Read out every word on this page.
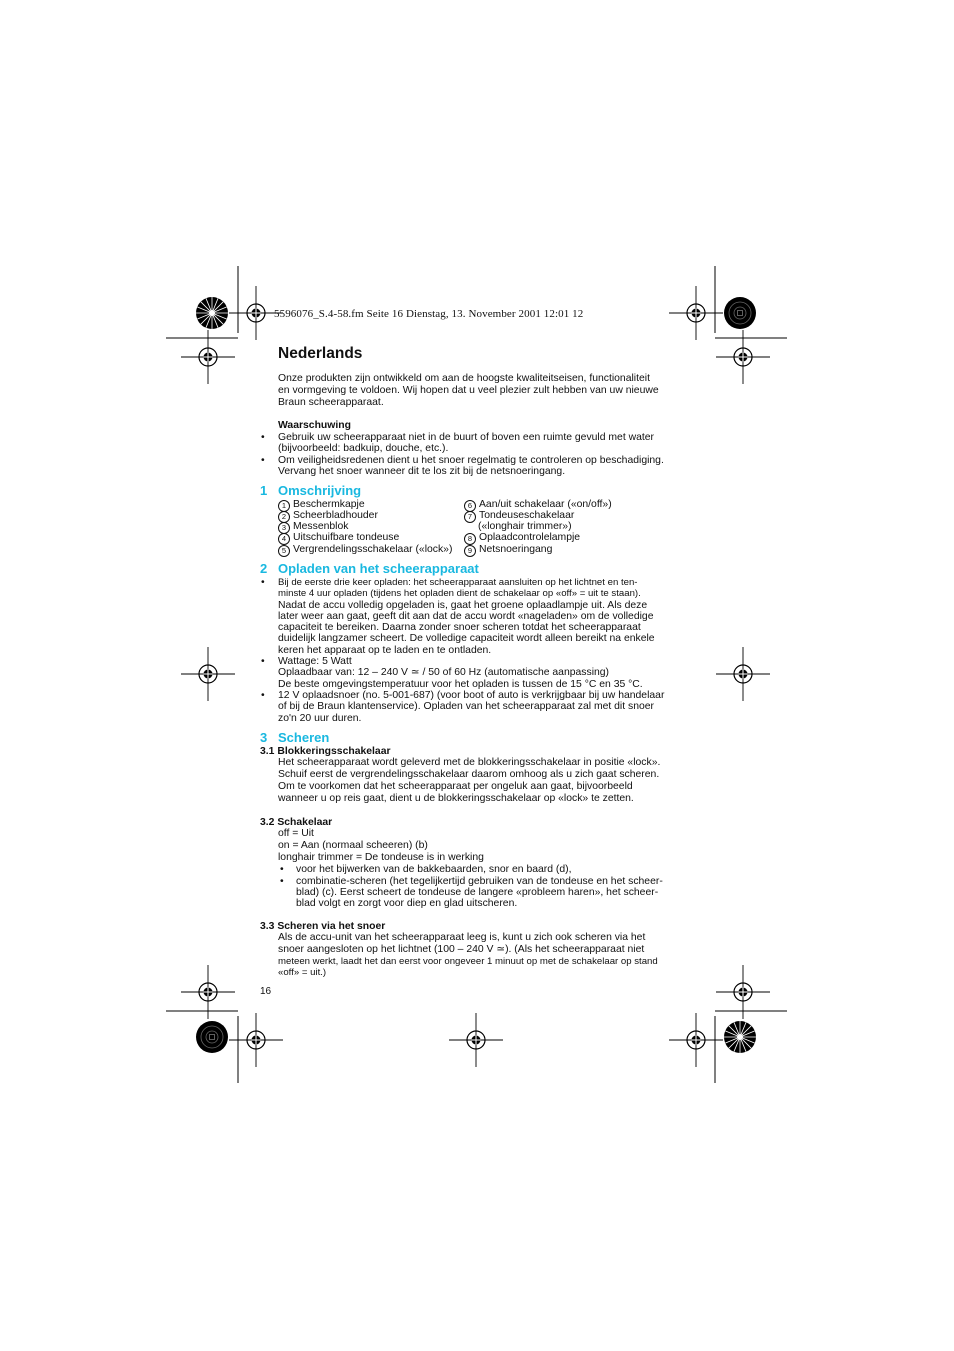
5596076_S.4-58.fm Seite 16 Dienstag, 13. November 2001 12:01 12
Nederlands
Onze produkten zijn ontwikkeld om aan de hoogste kwaliteitseisen, functionaliteit
en vormgeving te voldoen. Wij hopen dat u veel plezier zult hebben van uw nieuwe
Braun scheerapparaat.
Waarschuwing
• Gebruik uw scheerapparaat niet in de buurt of boven een ruimte gevuld met water
(bijvoorbeeld: badkuip, douche, etc.).
• Om veiligheidsredenen dient u het snoer regelmatig te controleren op beschadiging.
Vervang het snoer wanneer dit te los zit bij de netsnoeringang.
1 Omschrijving
1 Beschermkapje
2 Scheerbladhouder
3 Messenblok
4 Uitschuifbare tondeuse
5 Vergrendelingsschakelaar («lock»)
6 Aan/uit schakelaar («on/off»)
7 Tondeuseschakelaar
(«longhair trimmer»)
8 Oplaadcontrolelampje
9 Netsnoeringang
2 Opladen van het scheerapparaat
• Bij de eerste drie keer opladen: het scheerapparaat aansluiten op het lichtnet en ten-
minste 4 uur opladen (tijdens het opladen dient de schakelaar op «off» = uit te staan).
Nadat de accu volledig opgeladen is, gaat het groene oplaadlampje uit. Als deze
later weer aan gaat, geeft dit aan dat de accu wordt «nageladen» om de volledige
capaciteit te bereiken. Daarna zonder snoer scheren totdat het scheerapparaat
duidelijk langzamer scheert. De volledige capaciteit wordt alleen bereikt na enkele
keren het apparaat op te laden en te ontladen.
• Wattage: 5 Watt
Oplaadbaar van: 12 – 240 V ≃ / 50 of 60 Hz (automatische aanpassing)
De beste omgevingstemperatuur voor het opladen is tussen de 15 °C en 35 °C.
• 12 V oplaadsnoer (no. 5-001-687) (voor boot of auto is verkrijgbaar bij uw handelaar
of bij de Braun klantenservice). Opladen van het scheerapparaat zal met dit snoer
zo'n 20 uur duren.
3 Scheren
3.1 Blokkeringsschakelaar
Het scheerapparaat wordt geleverd met de blokkeringsschakelaar in positie «lock».
Schuif eerst de vergrendelingsschakelaar daarom omhoog als u zich gaat scheren.
Om te voorkomen dat het scheerapparaat per ongeluk aan gaat, bijvoorbeeld
wanneer u op reis gaat, dient u de blokkeringsschakelaar op «lock» te zetten.
3.2 Schakelaar
off = Uit
on = Aan (normaal scheeren) (b)
longhair trimmer = De tondeuse is in werking
• voor het bijwerken van de bakkebaarden, snor en baard (d),
• combinatie-scheren (het tegelijkertijd gebruiken van de tondeuse en het scheer-
blad) (c). Eerst scheert de tondeuse de langere «probleem haren», het scheer-
blad volgt en zorgt voor diep en glad uitscheren.
3.3 Scheren via het snoer
Als de accu-unit van het scheerapparaat leeg is, kunt u zich ook scheren via het
snoer aangesloten op het lichtnet (100 – 240 V ≃). (Als het scheerapparaat niet
meteen werkt, laadt het dan eerst voor ongeveer 1 minuut op met de schakelaar op stand
«off» = uit.)
16
